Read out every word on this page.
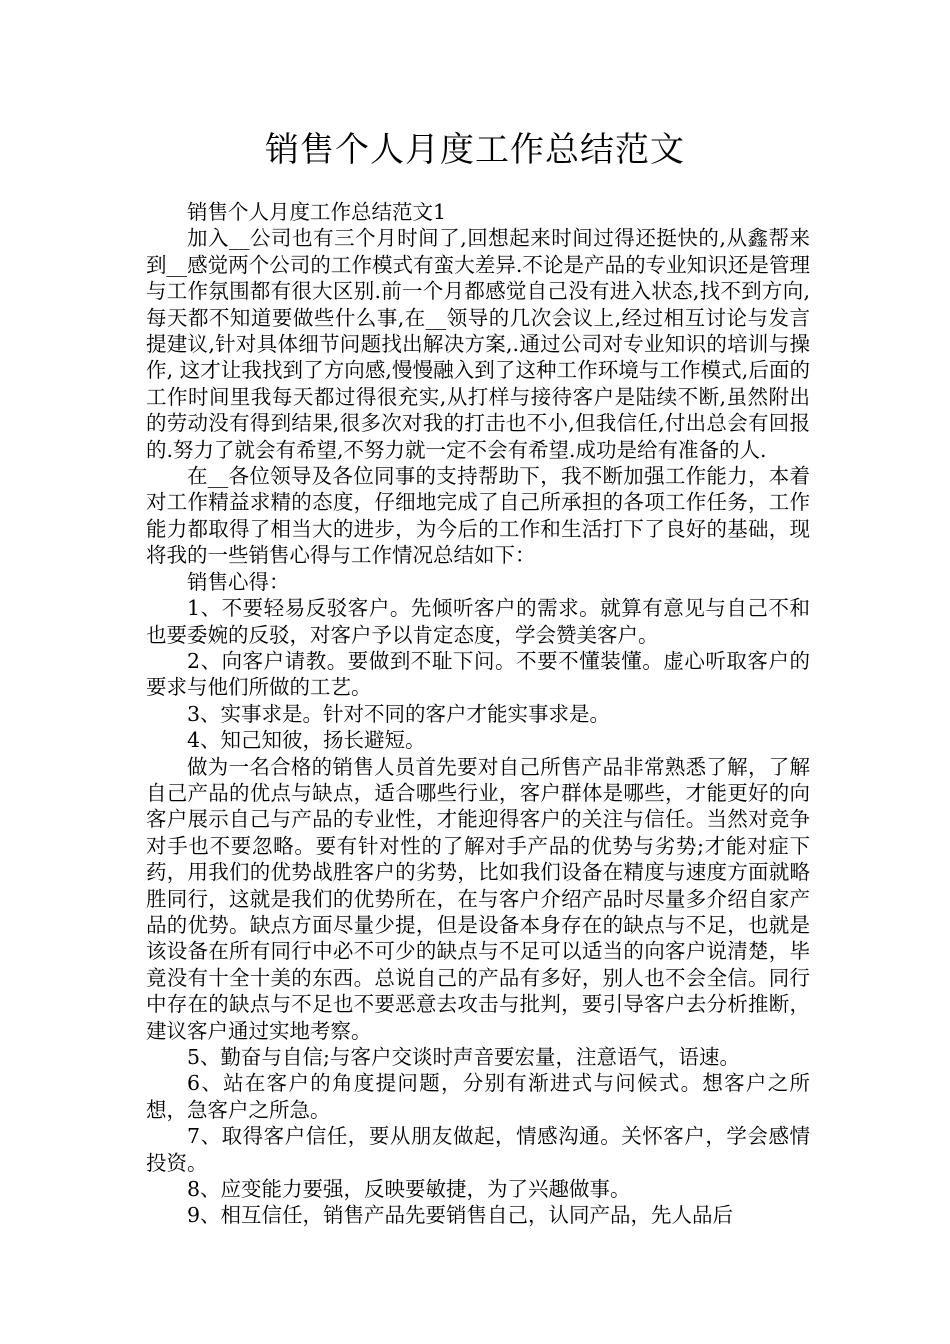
销售个人月度工作总结范文

销售个人月度工作总结范文1

加入__公司也有三个月时间了,回想起来时间过得还挺快的,从鑫帮来到__感觉两个公司的工作模式有蛮大差异.不论是产品的专业知识还是管理与工作氛围都有很大区别.前一个月都感觉自己没有进入状态,找不到方向,每天都不知道要做些什么事,在__领导的几次会议上,经过相互讨论与发言提建议,针对具体细节问题找出解决方案,.通过公司对专业知识的培训与操作, 这才让我找到了方向感,慢慢融入到了这种工作环境与工作模式,后面的工作时间里我每天都过得很充实,从打样与接待客户是陆续不断,虽然附出的劳动没有得到结果,很多次对我的打击也不小,但我信任,付出总会有回报的.努力了就会有希望,不努力就一定不会有希望.成功是给有准备的人.

在__各位领导及各位同事的支持帮助下，我不断加强工作能力，本着对工作精益求精的态度，仔细地完成了自己所承担的各项工作任务，工作能力都取得了相当大的进步，为今后的工作和生活打下了良好的基础，现将我的一些销售心得与工作情况总结如下：

销售心得：

1、不要轻易反驳客户。先倾听客户的需求。就算有意见与自己不和也要委婉的反驳，对客户予以肯定态度，学会赞美客户。

2、向客户请教。要做到不耻下问。不要不懂装懂。虚心听取客户的要求与他们所做的工艺。

3、实事求是。针对不同的客户才能实事求是。

4、知己知彼，扬长避短。

做为一名合格的销售人员首先要对自己所售产品非常熟悉了解，了解自己产品的优点与缺点，适合哪些行业，客户群体是哪些，才能更好的向客户展示自己与产品的专业性，才能迎得客户的关注与信任。当然对竞争对手也不要忽略。要有针对性的了解对手产品的优势与劣势;才能对症下药，用我们的优势战胜客户的劣势，比如我们设备在精度与速度方面就略胜同行，这就是我们的优势所在，在与客户介绍产品时尽量多介绍自家产品的优势。缺点方面尽量少提，但是设备本身存在的缺点与不足，也就是该设备在所有同行中必不可少的缺点与不足可以适当的向客户说清楚，毕竟没有十全十美的东西。总说自己的产品有多好，别人也不会全信。同行中存在的缺点与不足也不要恶意去攻击与批判，要引导客户去分析推断，建议客户通过实地考察。

5、勤奋与自信;与客户交谈时声音要宏量，注意语气，语速。

6、站在客户的角度提问题，分别有渐进式与问候式。想客户之所想，急客户之所急。

7、取得客户信任，要从朋友做起，情感沟通。关怀客户，学会感情投资。

8、应变能力要强，反映要敏捷，为了兴趣做事。

9、相互信任，销售产品先要销售自己，认同产品，先人品后
